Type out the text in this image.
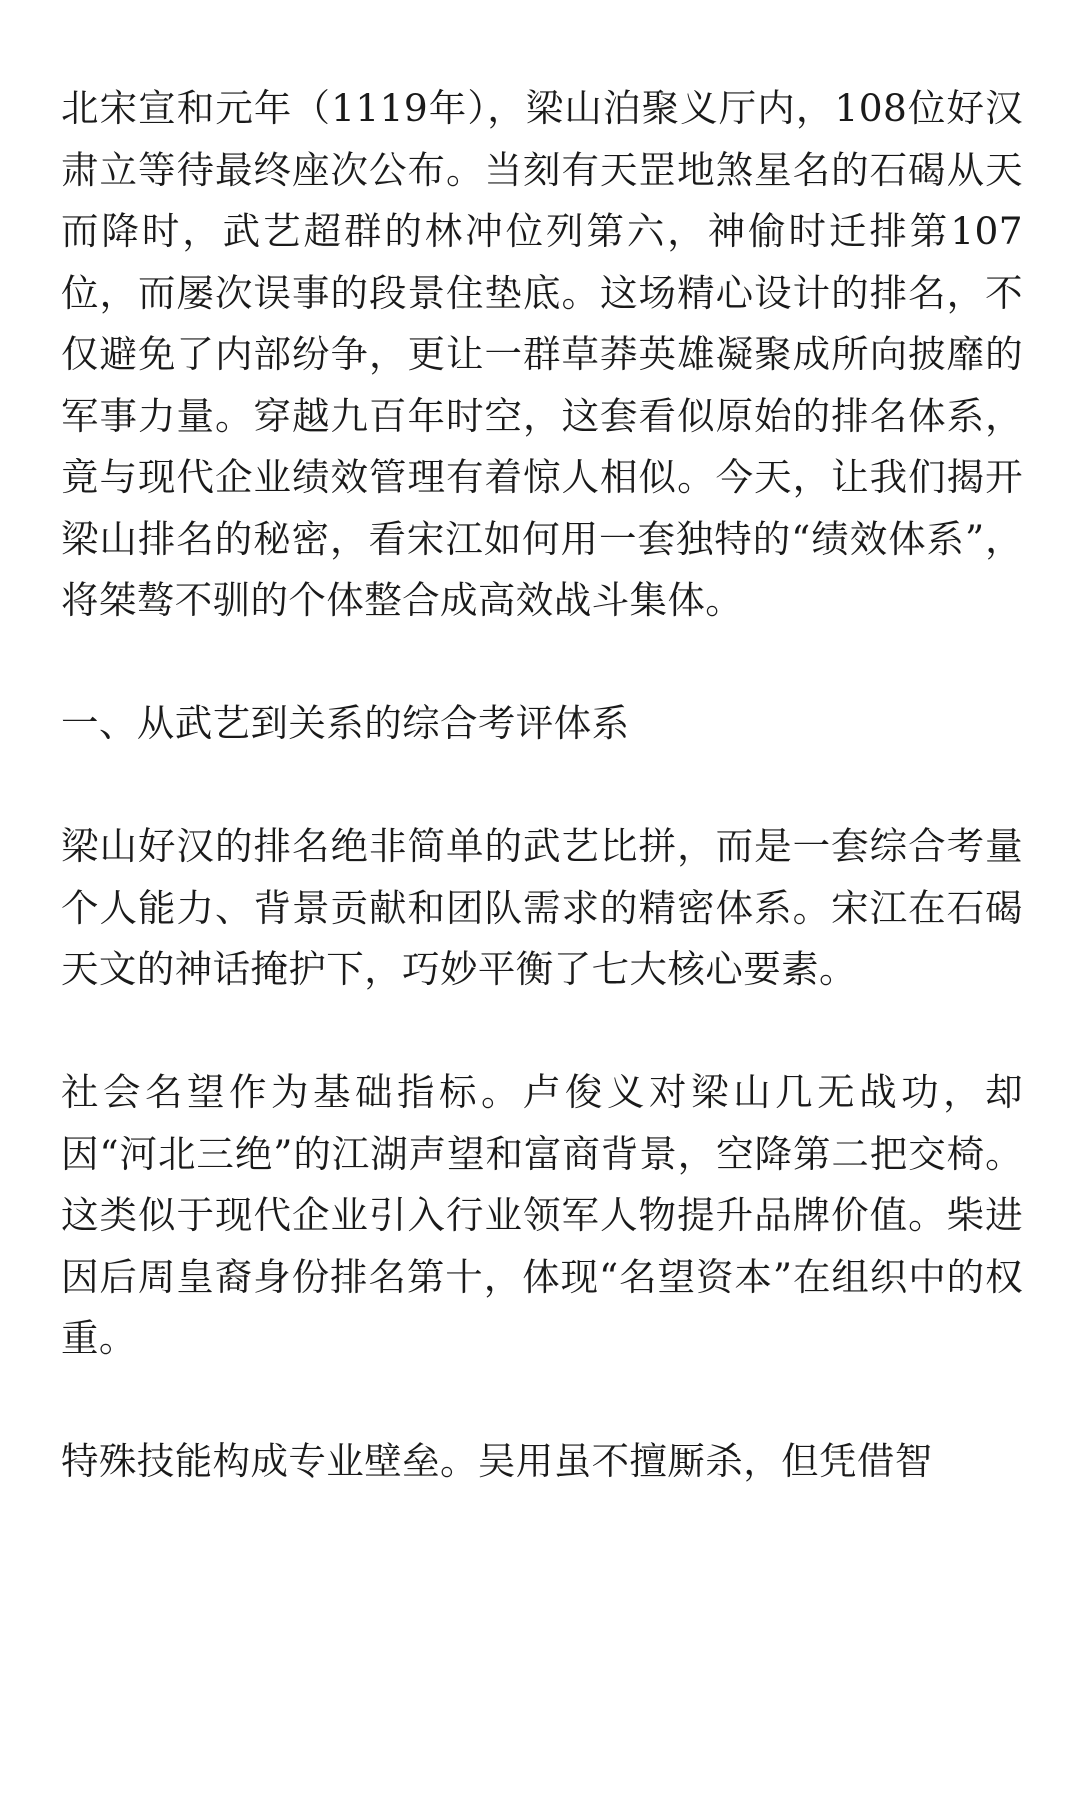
北宋宣和元年（1119年），梁山泊聚义厅内，108位好汉肃立等待最终座次公布。当刻有天罡地煞星名的石碣从天而降时，武艺超群的林冲位列第六，神偷时迁排第107位，而屡次误事的段景住垫底。这场精心设计的排名，不仅避免了内部纷争，更让一群草莽英雄凝聚成所向披靡的军事力量。穿越九百年时空，这套看似原始的排名体系，竟与现代企业绩效管理有着惊人相似。今天，让我们揭开梁山排名的秘密，看宋江如何用一套独特的“绩效体系”，将桀骜不驯的个体整合成高效战斗集体。

一、从武艺到关系的综合考评体系

梁山好汉的排名绝非简单的武艺比拼，而是一套综合考量个人能力、背景贡献和团队需求的精密体系。宋江在石碣天文的神话掩护下，巧妙平衡了七大核心要素。

社会名望作为基础指标。卢俊义对梁山几无战功，却因“河北三绝”的江湖声望和富商背景，空降第二把交椅。这类似于现代企业引入行业领军人物提升品牌价值。柴进因后周皇裔身份排名第十，体现“名望资本”在组织中的权重。

特殊技能构成专业壁垒。吴用虽不擅厮杀，但凭借智
